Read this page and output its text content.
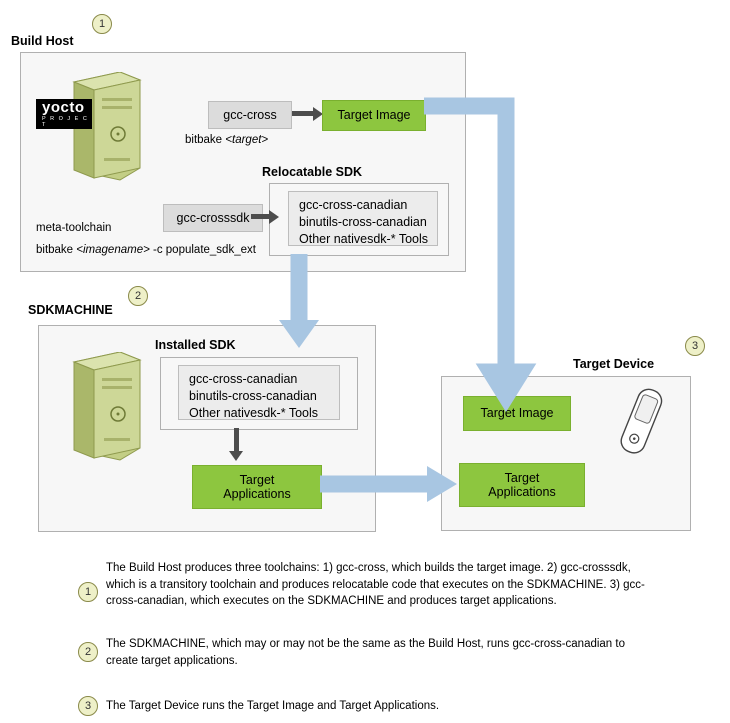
Build Host
1
yocto
P R O J E C T
gcc-cross
bitbake <target>
Target Image
Relocatable SDK
gcc-cross-canadian
binutils-cross-canadian
Other nativesdk-* Tools
gcc-crosssdk
meta-toolchain
bitbake <imagename> -c populate_sdk_ext
SDKMACHINE
2
Installed SDK
gcc-cross-canadian
binutils-cross-canadian
Other nativesdk-* Tools
Target
Applications
Target Device
3
Target Image
Target
Applications
1
The Build Host produces three toolchains: 1) gcc-cross, which builds the target image. 2) gcc-crosssdk, which is a transitory toolchain and produces relocatable code that executes on the SDKMACHINE. 3) gcc-cross-canadian, which executes on the SDKMACHINE and produces target applications.
2
The SDKMACHINE, which may or may not be the same as the Build Host, runs gcc-cross-canadian to create target applications.
3	The Target Device runs the Target Image and Target Applications.
